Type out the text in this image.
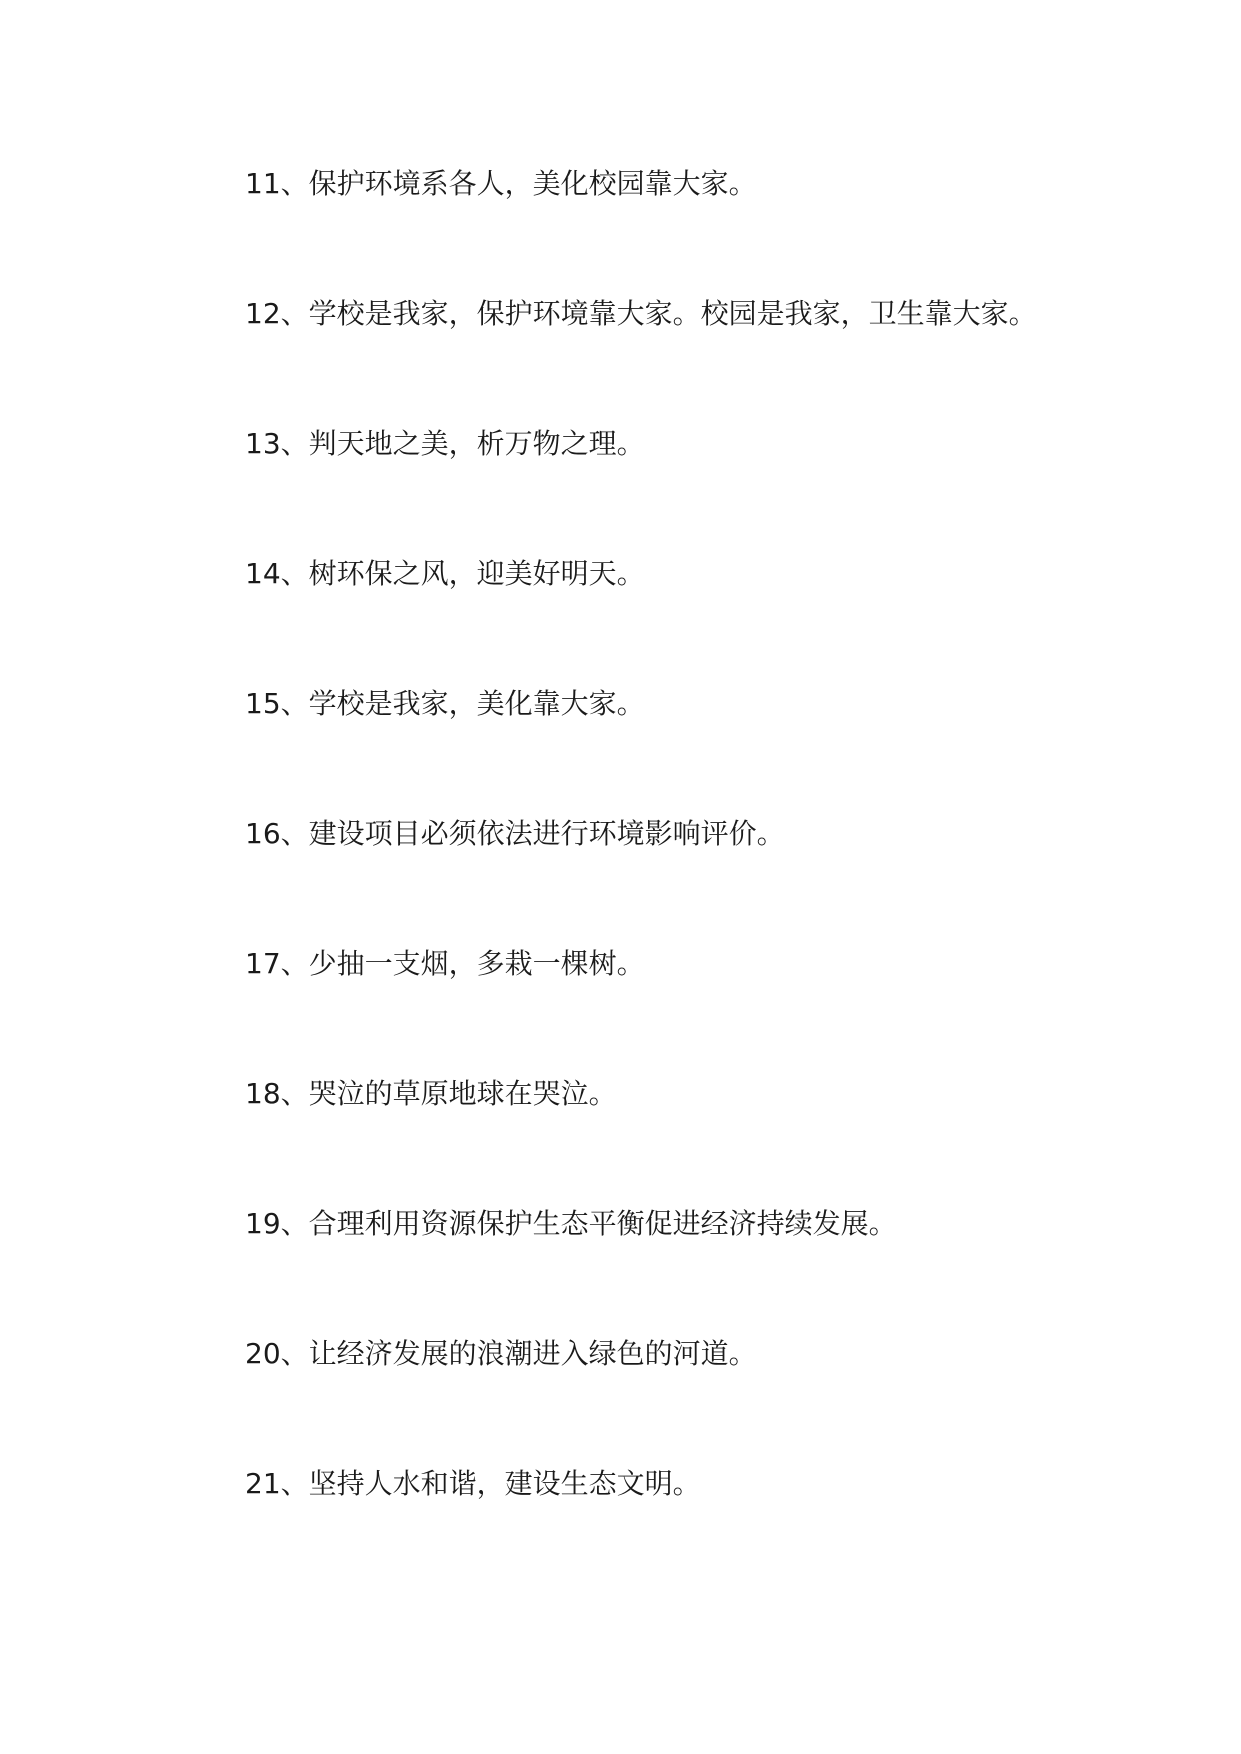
11、保护环境系各人，美化校园靠大家。
12、学校是我家，保护环境靠大家。校园是我家，卫生靠大家。
13、判天地之美，析万物之理。
14、树环保之风，迎美好明天。
15、学校是我家，美化靠大家。
16、建设项目必须依法进行环境影响评价。
17、少抽一支烟，多栽一棵树。
18、哭泣的草原地球在哭泣。
19、合理利用资源保护生态平衡促进经济持续发展。
20、让经济发展的浪潮进入绿色的河道。
21、坚持人水和谐，建设生态文明。
